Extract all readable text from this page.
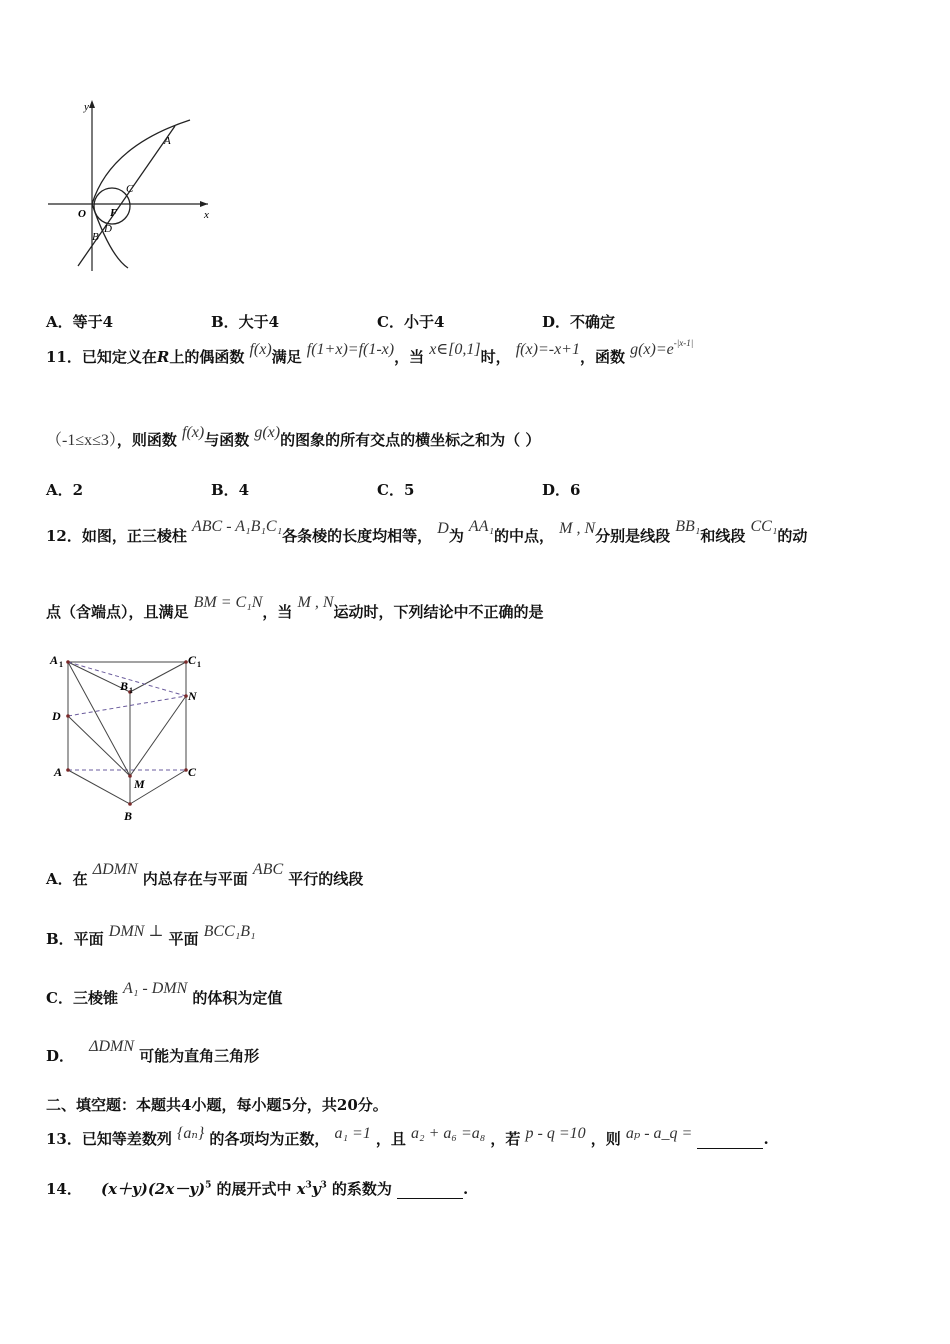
y
x
A
C
O F
D
B
A．等于4	B．大于4	C．小于4	D．不确定
11．已知定义在R上的偶函数 f(x)满足 f(1+x)=f(1-x)，当 x∈[0,1]时， f(x)=-x+1，函数 $g(x)=e^{-|x-1|}$
（-1≤x≤3），则函数 f(x)与函数 g(x)的图象的所有交点的横坐标之和为（ ）
A．2	B．4	C．5	D．6
12．如图，正三棱柱 ABC - A₁B₁C₁各条棱的长度均相等， D为 AA₁的中点， M , N分别是线段 BB₁和线段 CC₁的动
点（含端点），且满足 BM = C₁N，当 M , N运动时，下列结论中不正确的是
A 1	C 1
B 1	N
D
A	C
M
B
A．在 ΔDMN 内总存在与平面 ABC 平行的线段
B．平面 DMN ⊥ 平面 BCC₁B₁
C．三棱锥 A₁ - DMN 的体积为定值
D． ΔDMN 可能为直角三角形
二、填空题：本题共4小题，每小题5分，共20分。
13．已知等差数列 {aₙ} 的各项均为正数， a₁ =1 ，且 a₂ + a₆ =a₈ ，若 p - q =10 ，则 aₚ - a_q =	.
14． $(x+y)(2x-y)^5$ 的展开式中 $x^3y^3$ 的系数为	.
